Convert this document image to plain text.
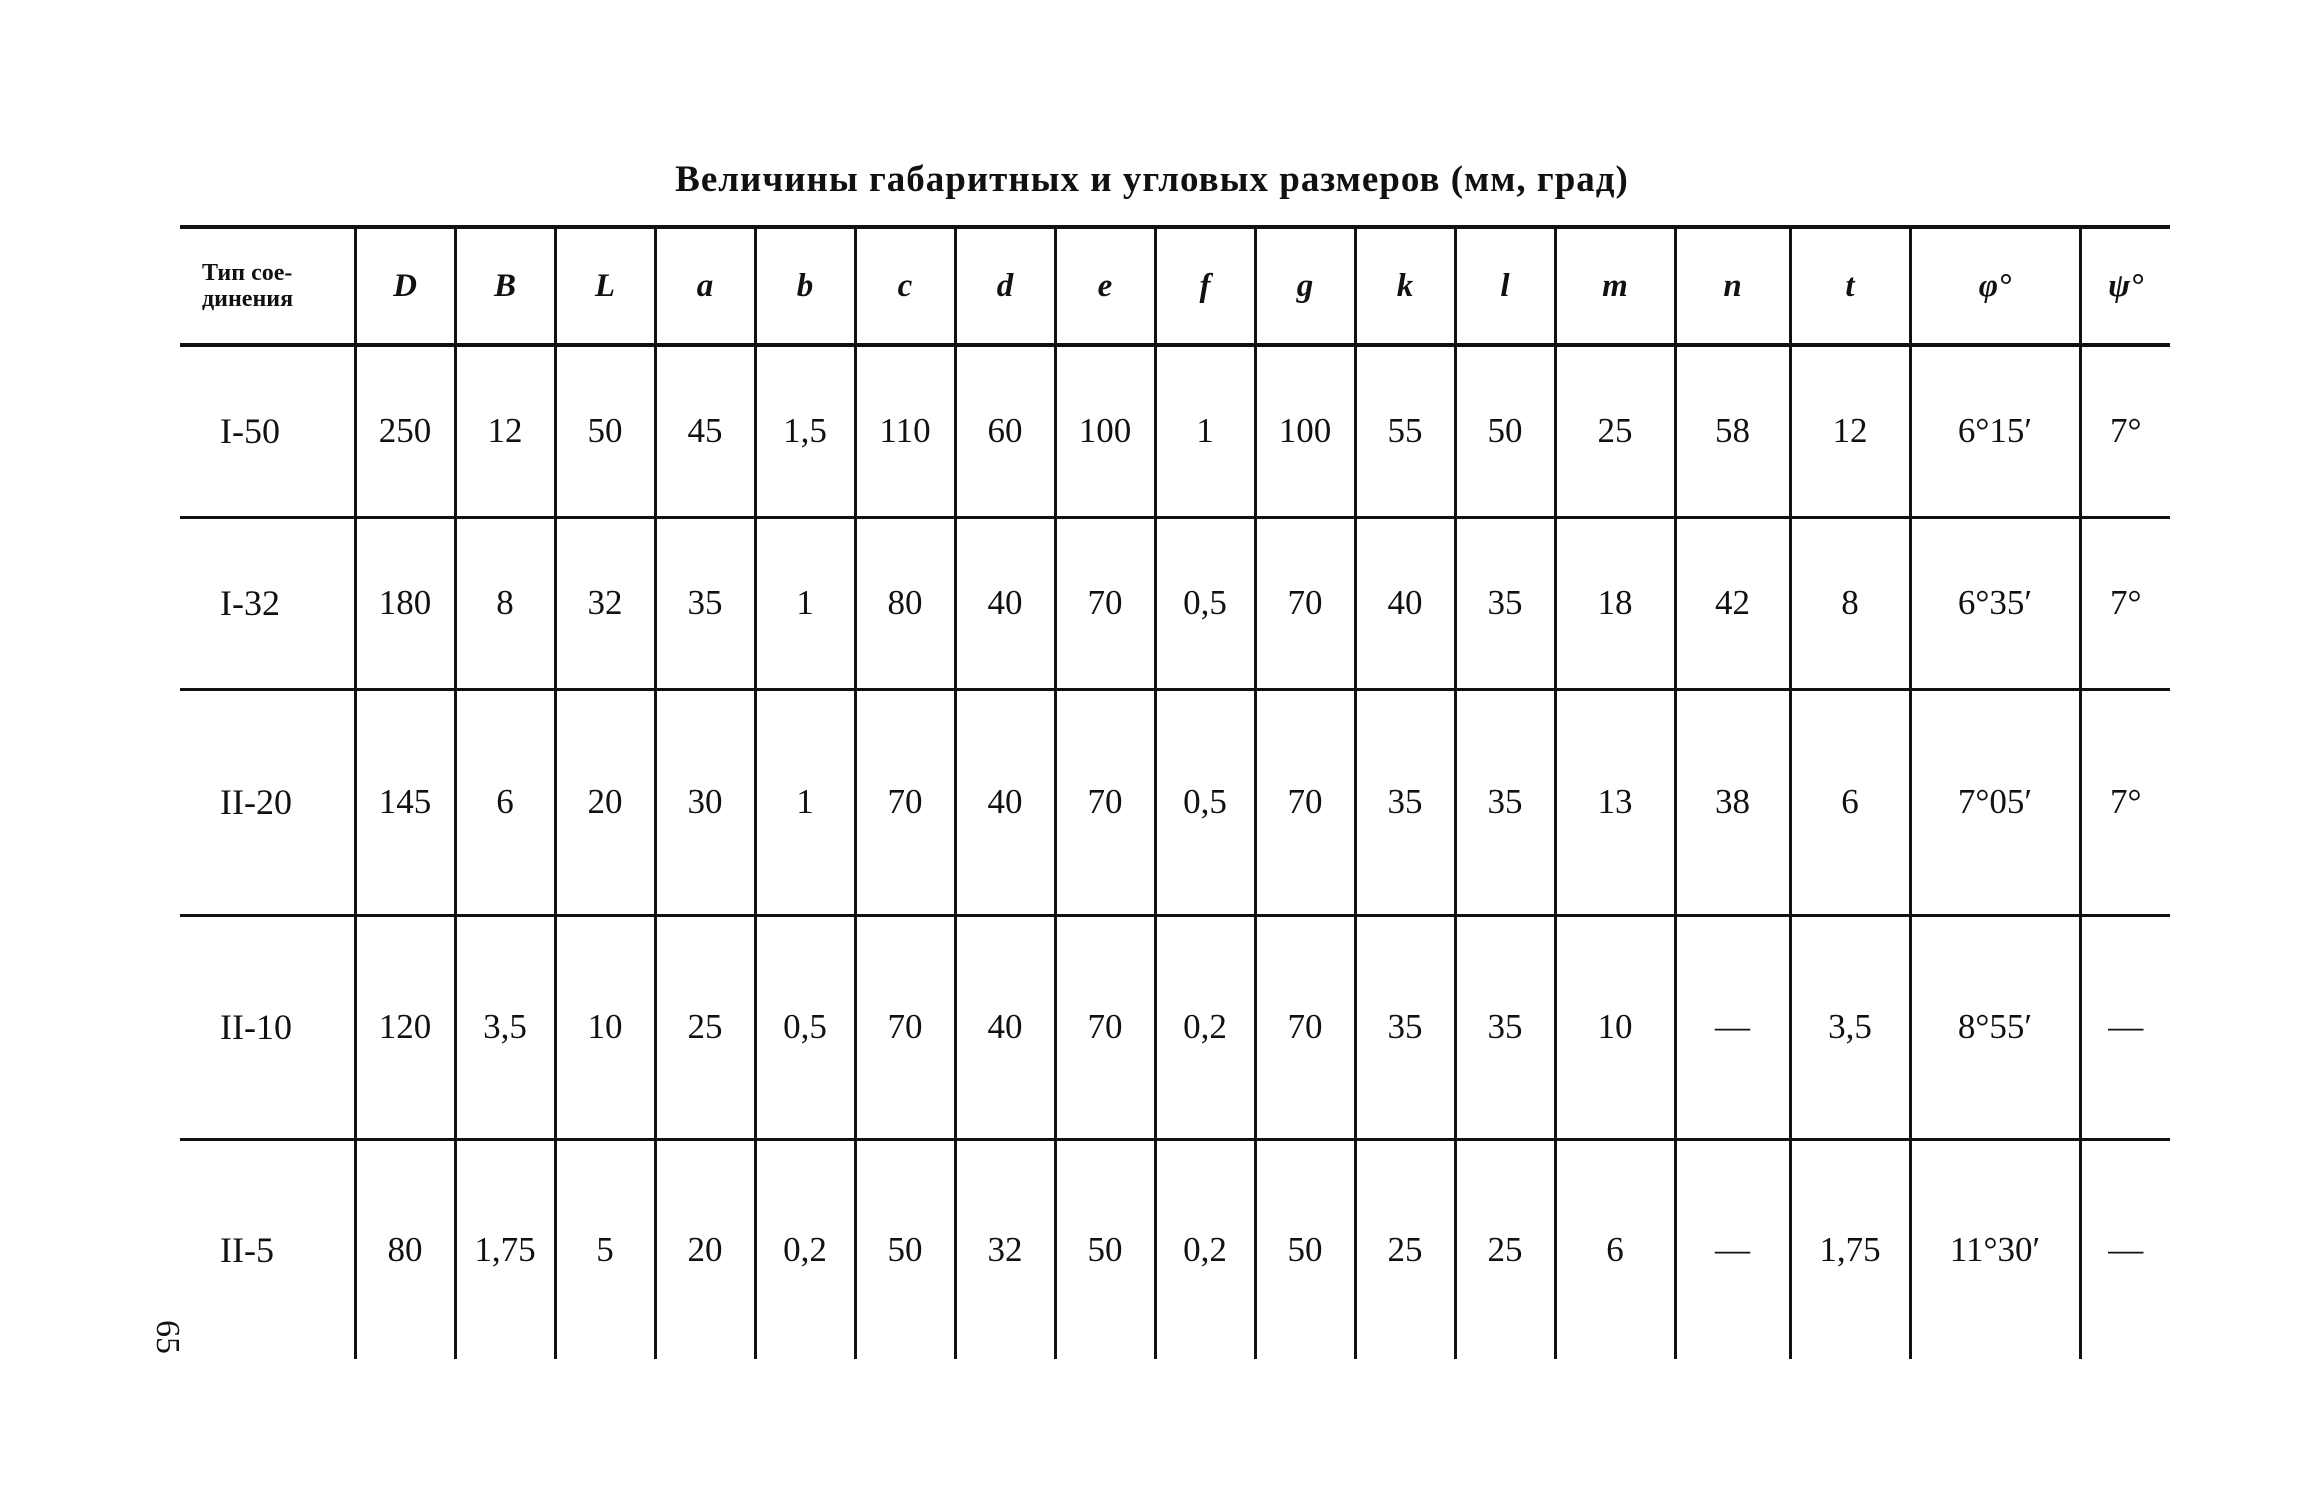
Величины габаритных и угловых размеров (мм, град)
Тип сое-
динения	D	B	L	a	b	c	d	e	f	g	k	l	m	n	t	φ°	ψ°
I-50	250	12	50	45	1,5	110	60	100	1	100	55	50	25	58	12	6°15′	7°
I-32	180	8	32	35	1	80	40	70	0,5	70	40	35	18	42	8	6°35′	7°
II-20	145	6	20	30	1	70	40	70	0,5	70	35	35	13	38	6	7°05′	7°
II-10	120	3,5	10	25	0,5	70	40	70	0,2	70	35	35	10	—	3,5	8°55′	—
II-5	80	1,75	5	20	0,2	50	32	50	0,2	50	25	25	6	—	1,75	11°30′	—
65
